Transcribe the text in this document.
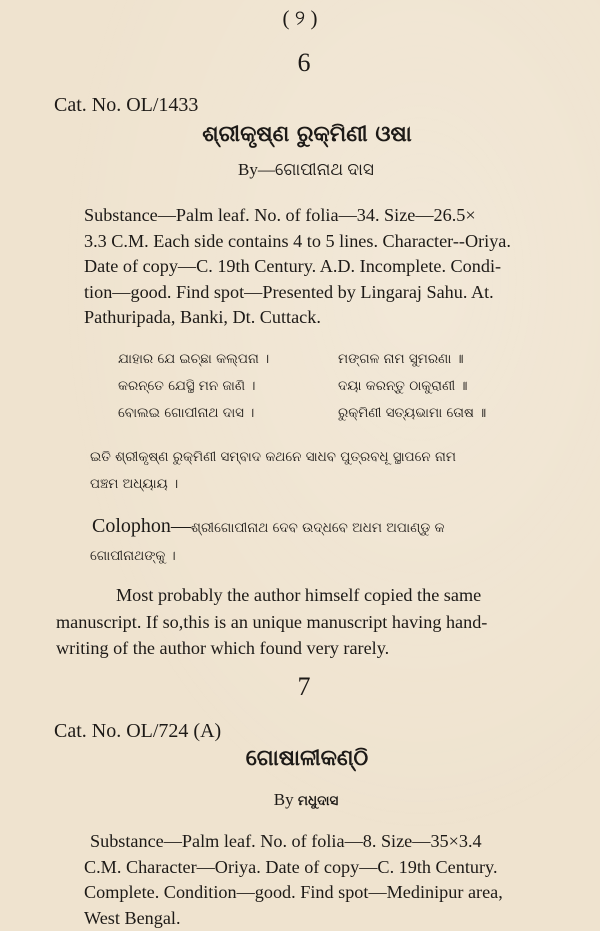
( ୨ )
6
Cat. No. OL/1433
ଶ୍ରୀକୃଷ୍ଣ ରୁକ୍ମିଣୀ ଓଷା
By—ଗୋପୀନାଥ ଦାସ
Substance—Palm leaf. No. of folia—34. Size—26.5×
3.3 C.M. Each side contains 4 to 5 lines. Character--Oriya.
Date of copy—C. 19th Century. A.D. Incomplete. Condi-
tion—good. Find spot—Presented by Lingaraj Sahu. At.
Pathuripada, Banki, Dt. Cuttack.
ଯାହାର ଯେ ଇଚ୍ଛା କଲ୍ପନା ।	ମଙ୍ଗଳ ନାମ ସୁମରଣା ॥
କରନ୍ତେ ଯେସ୍ଥି ମନ ଜାଣି ।	ଦୟା କରନ୍ତୁ ଠାକୁରାଣୀ ॥
ବୋଲଇ ଗୋପୀନାଥ ଦାସ ।	ରୁକ୍ମିଣୀ ସତ୍ୟଭାମା ତୋଷ ॥
ଇତି ଶ୍ରୀକୃଷ୍ଣ ରୁକ୍ମିଣୀ ସମ୍ବାଦ କଥନେ ସାଧବ ପୁତ୍ରବଧୂ ସ୍ଥାପନେ ନାମ
ପଞ୍ଚମ ଅଧ୍ୟାୟ ।
Colophon—ଶ୍ରୀଗୋପୀନାଥ ଦେବ ଉଦ୍ଧବେ ଅଧମ ଅପାଣ୍ଡୁ କ
ଗୋପୀନାଥଙ୍କୁ ।
Most probably the author himself copied the same
manuscript. If so,this is an unique manuscript having hand-
writing of the author which found very rarely.
7
Cat. No. OL/724 (A)
ଗୋଷାଳୀକଣ୍ଠି
By ମଧୁଦାସ
Substance—Palm leaf. No. of folia—8. Size—35×3.4
C.M. Character—Oriya. Date of copy—C. 19th Century.
Complete. Condition—good. Find spot—Medinipur area,
West Bengal.
